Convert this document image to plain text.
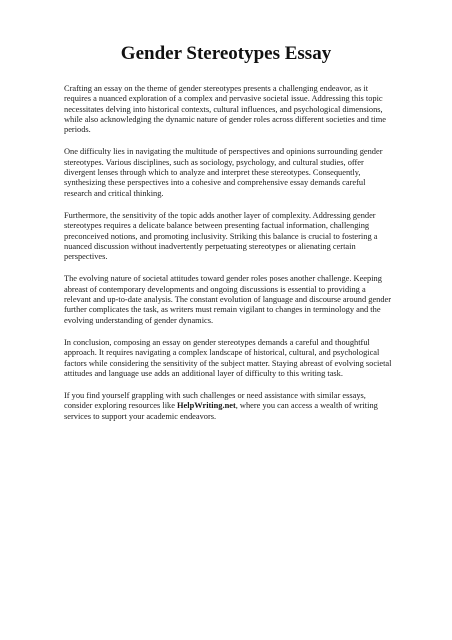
Gender Stereotypes Essay

Crafting an essay on the theme of gender stereotypes presents a challenging endeavor, as it requires a nuanced exploration of a complex and pervasive societal issue. Addressing this topic necessitates delving into historical contexts, cultural influences, and psychological dimensions, while also acknowledging the dynamic nature of gender roles across different societies and time periods.

One difficulty lies in navigating the multitude of perspectives and opinions surrounding gender stereotypes. Various disciplines, such as sociology, psychology, and cultural studies, offer divergent lenses through which to analyze and interpret these stereotypes. Consequently, synthesizing these perspectives into a cohesive and comprehensive essay demands careful research and critical thinking.

Furthermore, the sensitivity of the topic adds another layer of complexity. Addressing gender stereotypes requires a delicate balance between presenting factual information, challenging preconceived notions, and promoting inclusivity. Striking this balance is crucial to fostering a nuanced discussion without inadvertently perpetuating stereotypes or alienating certain perspectives.

The evolving nature of societal attitudes toward gender roles poses another challenge. Keeping abreast of contemporary developments and ongoing discussions is essential to providing a relevant and up-to-date analysis. The constant evolution of language and discourse around gender further complicates the task, as writers must remain vigilant to changes in terminology and the evolving understanding of gender dynamics.

In conclusion, composing an essay on gender stereotypes demands a careful and thoughtful approach. It requires navigating a complex landscape of historical, cultural, and psychological factors while considering the sensitivity of the subject matter. Staying abreast of evolving societal attitudes and language use adds an additional layer of difficulty to this writing task.

If you find yourself grappling with such challenges or need assistance with similar essays, consider exploring resources like HelpWriting.net, where you can access a wealth of writing services to support your academic endeavors.
